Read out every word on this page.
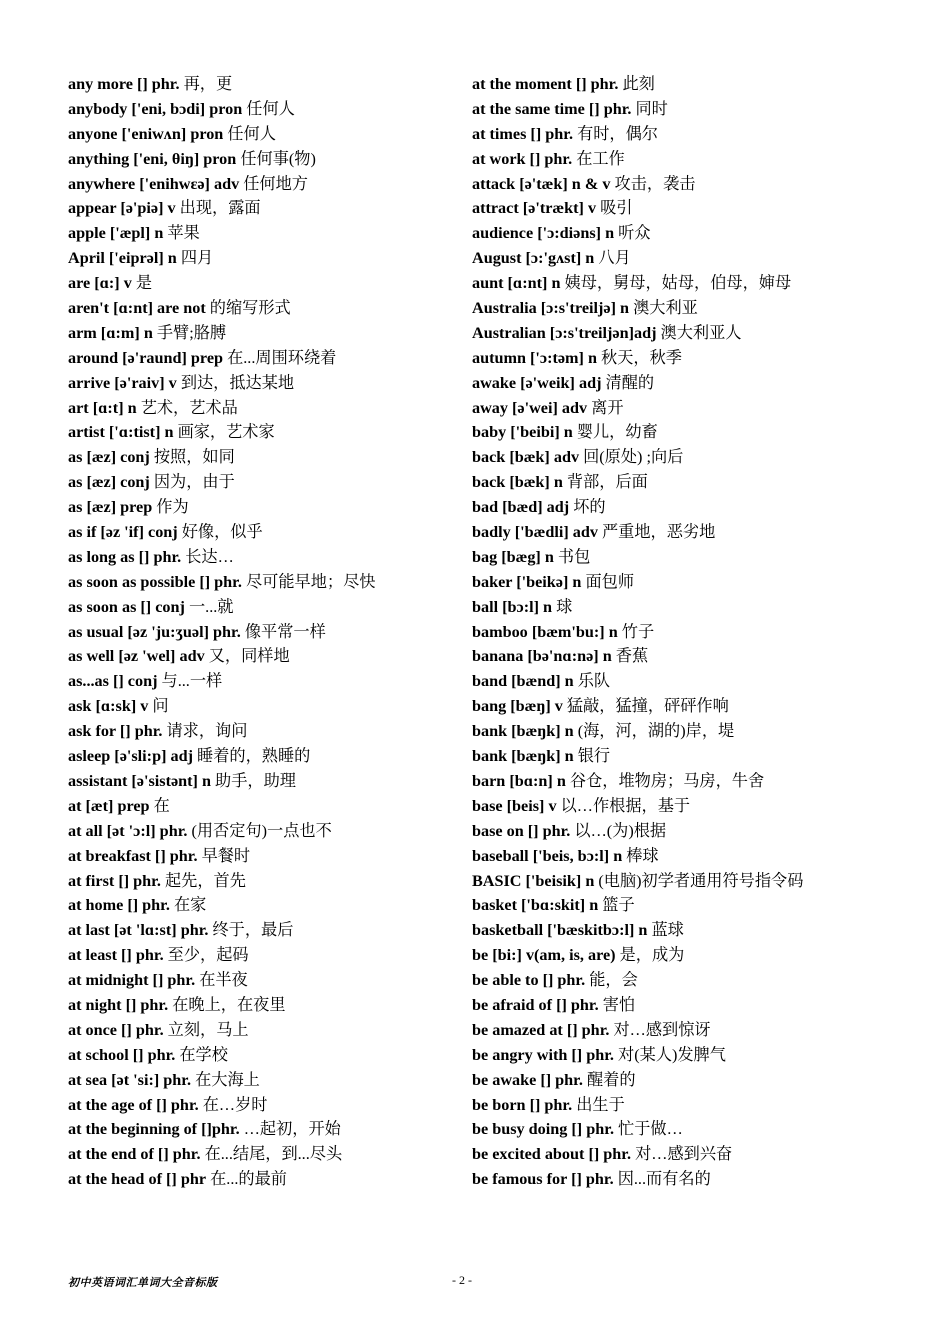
any more [] phr. 再，更
anybody ['eni, bɔdi] pron 任何人
anyone ['eniwʌn] pron 任何人
anything ['eni, θiŋ] pron 任何事(物)
anywhere ['enihwɛə] adv 任何地方
appear [ə'piə] v 出现，露面
apple ['æpl] n 苹果
April ['eiprəl] n 四月
are [ɑ:] v 是
aren't [ɑ:nt] are not 的缩写形式
arm [ɑ:m] n 手臂;胳膊
around [ə'raund] prep 在...周围环绕着
arrive [ə'raiv] v 到达，抵达某地
art [ɑ:t] n 艺术，艺术品
artist ['ɑ:tist] n 画家，艺术家
as [æz] conj 按照，如同
as [æz] conj 因为，由于
as [æz] prep 作为
as if [əz 'if] conj 好像，似乎
as long as [] phr. 长达…
as soon as possible [] phr. 尽可能早地；尽快
as soon as [] conj 一...就
as usual [əz 'ju:ʒuəl] phr. 像平常一样
as well [əz 'wel] adv 又，同样地
as...as [] conj 与...一样
ask [ɑ:sk] v 问
ask for [] phr. 请求，询问
asleep [ə'sli:p] adj 睡着的，熟睡的
assistant [ə'sistənt] n 助手，助理
at [æt] prep 在
at all [ət 'ɔ:l] phr. (用否定句)一点也不
at breakfast [] phr. 早餐时
at first [] phr. 起先，首先
at home [] phr. 在家
at last [ət 'lɑ:st] phr. 终于，最后
at least [] phr. 至少，起码
at midnight [] phr. 在半夜
at night [] phr. 在晚上，在夜里
at once [] phr. 立刻，马上
at school [] phr. 在学校
at sea [ət 'si:] phr. 在大海上
at the age of [] phr. 在…岁时
at the beginning of []phr. …起初，开始
at the end of [] phr. 在...结尾，到...尽头
at the head of [] phr 在...的最前
at the moment [] phr. 此刻
at the same time [] phr. 同时
at times [] phr. 有时，偶尔
at work [] phr. 在工作
attack [ə'tæk] n & v 攻击，袭击
attract [ə'trækt] v 吸引
audience ['ɔ:diəns] n 听众
August [ɔ:'gʌst] n 八月
aunt [ɑ:nt] n 姨母，舅母，姑母，伯母，婶母
Australia [ɔ:s'treiljə] n 澳大利亚
Australian [ɔ:s'treiljən]adj 澳大利亚人
autumn ['ɔ:təm] n 秋天，秋季
awake [ə'weik] adj 清醒的
away [ə'wei] adv 离开
baby ['beibi] n 婴儿，幼畜
back [bæk] adv 回(原处) ;向后
back [bæk] n 背部，后面
bad [bæd] adj 坏的
badly ['bædli] adv 严重地，恶劣地
bag [bæg] n 书包
baker ['beikə] n 面包师
ball [bɔ:l] n 球
bamboo [bæm'bu:] n 竹子
banana [bə'nɑ:nə] n 香蕉
band [bænd] n 乐队
bang [bæŋ] v 猛敲，猛撞，砰砰作响
bank [bæŋk] n (海，河，湖的)岸，堤
bank [bæŋk] n 银行
barn [bɑ:n] n 谷仓，堆物房；马房，牛舍
base [beis] v 以…作根据，基于
base on [] phr. 以…(为)根据
baseball ['beis, bɔ:l] n 棒球
BASIC ['beisik] n (电脑)初学者通用符号指令码
basket ['bɑ:skit] n 篮子
basketball ['bæskitbɔ:l] n 蓝球
be [bi:] v(am, is, are) 是，成为
be able to [] phr. 能，会
be afraid of [] phr. 害怕
be amazed at [] phr. 对…感到惊讶
be angry with [] phr. 对(某人)发脾气
be awake [] phr. 醒着的
be born [] phr. 出生于
be busy doing [] phr. 忙于做…
be excited about [] phr. 对…感到兴奋
be famous for [] phr. 因...而有名的
初中英语词汇单词大全音标版	- 2 -
